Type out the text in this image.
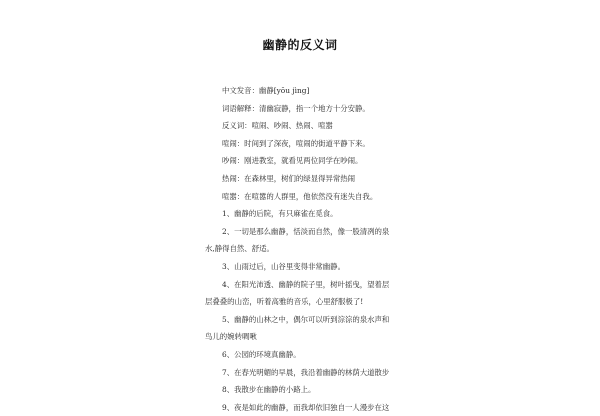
幽静的反义词
中文发音：幽静[yōu jìng]
词语解释：清幽寂静，指一个地方十分安静。
反义词：喧闹、吵闹、热闹、喧嚣
喧闹：时间到了深夜，喧闹的街道平静下来。
吵闹：刚进教室，就看见两位同学在吵闹。
热闹：在森林里，树们的绿显得异常热闹
喧嚣：在喧嚣的人群里，他依然没有迷失自我。
1、幽静的后院，有只麻雀在觅食。
2、一切是那么幽静，恬淡而自然，像一股清冽的泉
水,静得自然、舒适。
3、山雨过后，山谷里变得非常幽静。
4、在阳光沛透、幽静的院子里，树叶摇曳，望着层
层叠叠的山峦，听着高雅的音乐，心里舒服极了!
5、幽静的山林之中，偶尔可以听到淙淙的泉水声和
鸟儿的婉转啁啾
6、公园的环境真幽静。
7、在春光明媚的早晨，我沿着幽静的林荫大道散步
8、我散步在幽静的小路上。
9、夜是如此的幽静，而我却依旧独自一人漫步在这
